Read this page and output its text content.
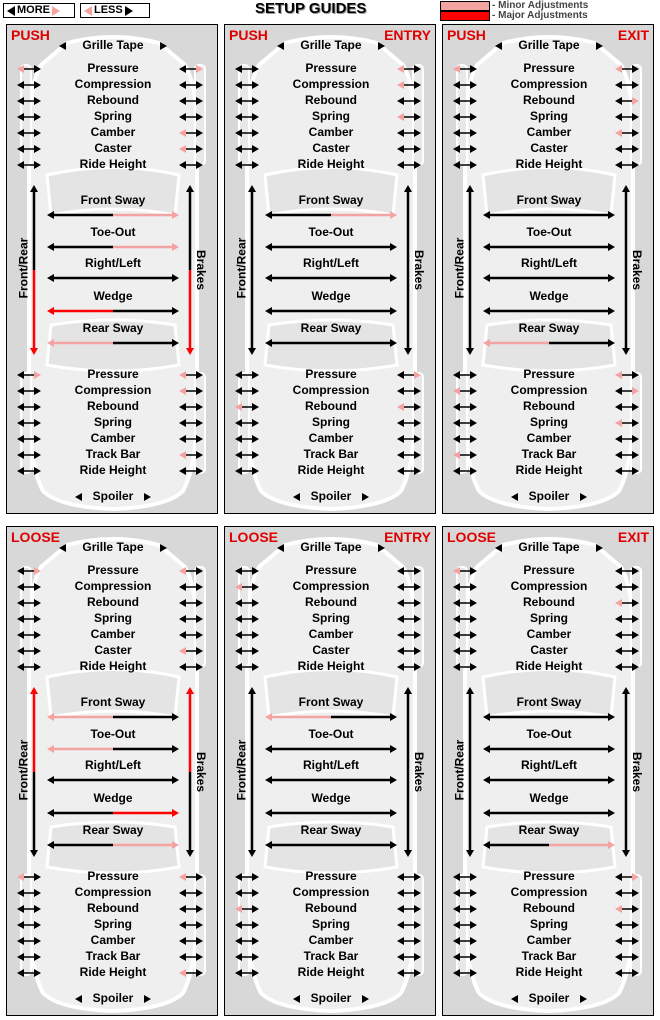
MORE	LESS	SETUP GUIDES	- Minor Adjustments
- Major Adjustments
PUSH
Grille Tape
Pressure
Compression
Rebound
Spring
Camber
Caster
Ride Height
Front Sway
Toe-Out
Right/Left
Wedge
Rear Sway
Front/Rear	Brakes
Pressure
Compression
Rebound
Spring
Camber
Track Bar
Ride Height
Spoiler
PUSH	ENTRY
Grille Tape
Pressure
Compression
Rebound
Spring
Camber
Caster
Ride Height
Front Sway
Toe-Out
Right/Left
Wedge
Rear Sway
Front/Rear	Brakes
Pressure
Compression
Rebound
Spring
Camber
Track Bar
Ride Height
Spoiler
PUSH	EXIT
Grille Tape
Pressure
Compression
Rebound
Spring
Camber
Caster
Ride Height
Front Sway
Toe-Out
Right/Left
Wedge
Rear Sway
Front/Rear	Brakes
Pressure
Compression
Rebound
Spring
Camber
Track Bar
Ride Height
Spoiler
LOOSE
Grille Tape
Pressure
Compression
Rebound
Spring
Camber
Caster
Ride Height
Front Sway
Toe-Out
Right/Left
Wedge
Rear Sway
Front/Rear	Brakes
Pressure
Compression
Rebound
Spring
Camber
Track Bar
Ride Height
Spoiler
LOOSE	ENTRY
Grille Tape
Pressure
Compression
Rebound
Spring
Camber
Caster
Ride Height
Front Sway
Toe-Out
Right/Left
Wedge
Rear Sway
Front/Rear	Brakes
Pressure
Compression
Rebound
Spring
Camber
Track Bar
Ride Height
Spoiler
LOOSE	EXIT
Grille Tape
Pressure
Compression
Rebound
Spring
Camber
Caster
Ride Height
Front Sway
Toe-Out
Right/Left
Wedge
Rear Sway
Front/Rear	Brakes
Pressure
Compression
Rebound
Spring
Camber
Track Bar
Ride Height
Spoiler
